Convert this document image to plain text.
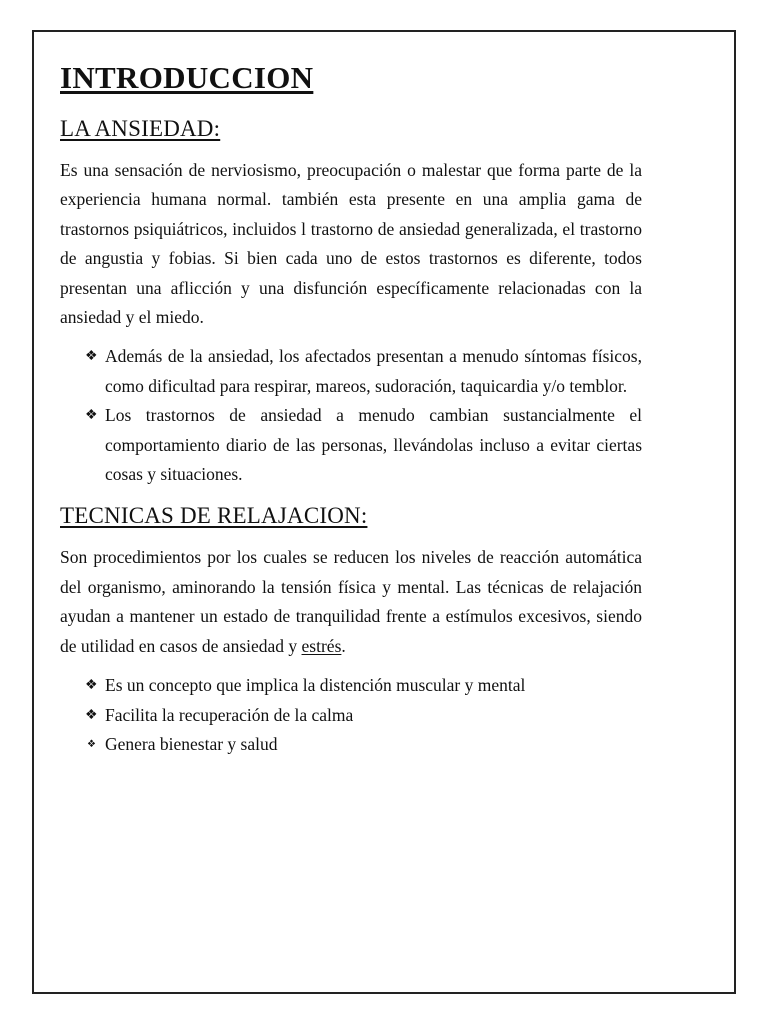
INTRODUCCION
LA ANSIEDAD:

Es una sensación de nerviosismo, preocupación o malestar que forma parte de la experiencia humana normal. también esta presente en una amplia gama de trastornos psiquiátricos, incluidos l trastorno de ansiedad generalizada, el trastorno de angustia y fobias. Si bien cada uno de estos trastornos es diferente, todos presentan una aflicción y una disfunción específicamente relacionadas con la ansiedad y el miedo.

❖ Además de la ansiedad, los afectados presentan a menudo síntomas físicos, como dificultad para respirar, mareos, sudoración, taquicardia y/o temblor.
❖ Los trastornos de ansiedad a menudo cambian sustancialmente el comportamiento diario de las personas, llevándolas incluso a evitar ciertas cosas y situaciones.
TECNICAS DE RELAJACION:

Son procedimientos por los cuales se reducen los niveles de reacción automática del organismo, aminorando la tensión física y mental. Las técnicas de relajación ayudan a mantener un estado de tranquilidad frente a estímulos excesivos, siendo de utilidad en casos de ansiedad y estrés.

❖ Es un concepto que implica la distención muscular y mental
❖ Facilita la recuperación de la calma
❖ Genera bienestar y salud
